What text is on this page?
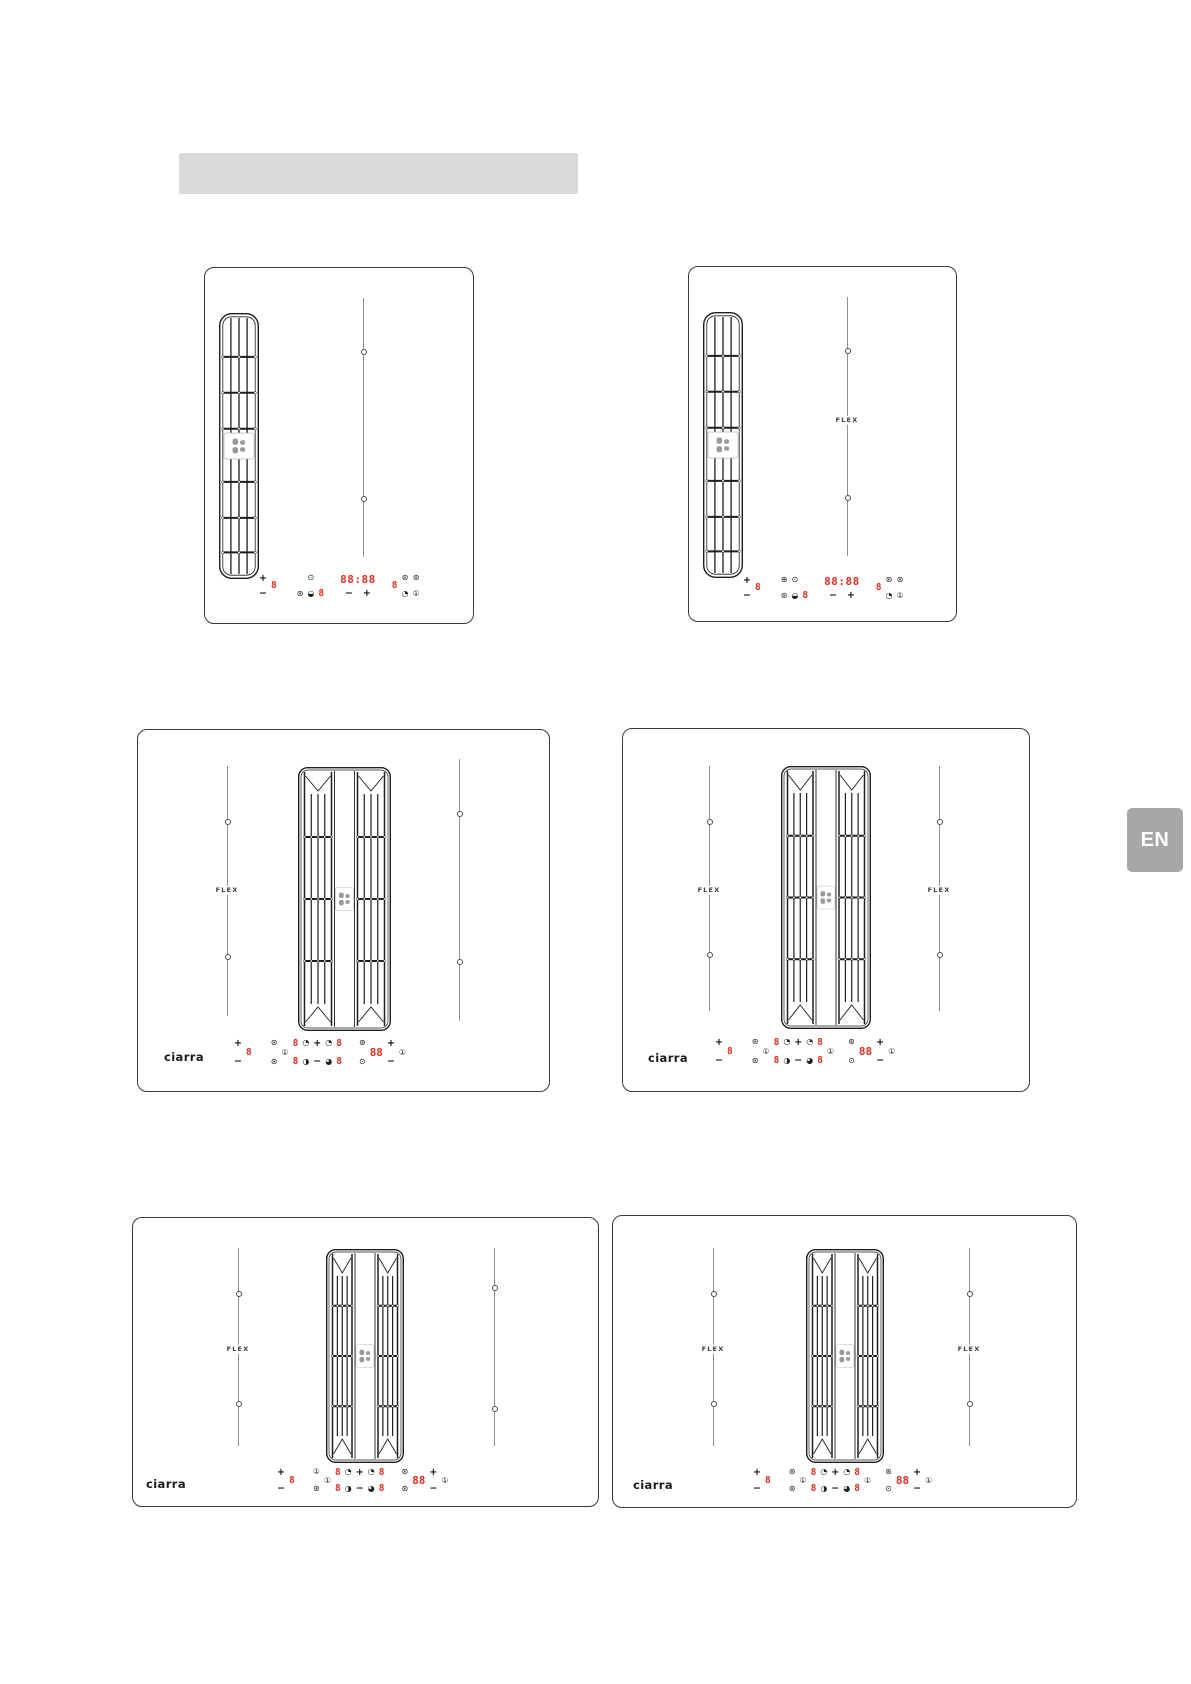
EN
+
−
8
⊛
⊙
◒ 8
88:88
−   +
8
⊛
◔
⊛
①
FLEX
+
−
8
⊕
⊛
⊙
◒ 8
88:88
−   +
8
⊛
◔
⊛
①
FLEX
ciarra
+
−
8
⊛
⊛
①
8
8
◔
◑
+
−
◔
◕
8
8
⊛
⊙
88
+
−
①
FLEX	FLEX
ciarra
+
−
8
⊛
⊛
①
8
8
◔
◑
+
−
◔
◕
8
8
①
⊛
⊙
88
+
−
①
FLEX
ciarra
+
−
8
①
⊛
①
8
8
◔
◑
+
−
◔
◕
8
8
⊛
⊛
88
+
−
①
FLEX	FLEX
ciarra
+
−
8
⊛
⊛
①
8
8
◔
◑
+
−
◔
◕
8
8
①
⊛
⊙
88
+
−
①
